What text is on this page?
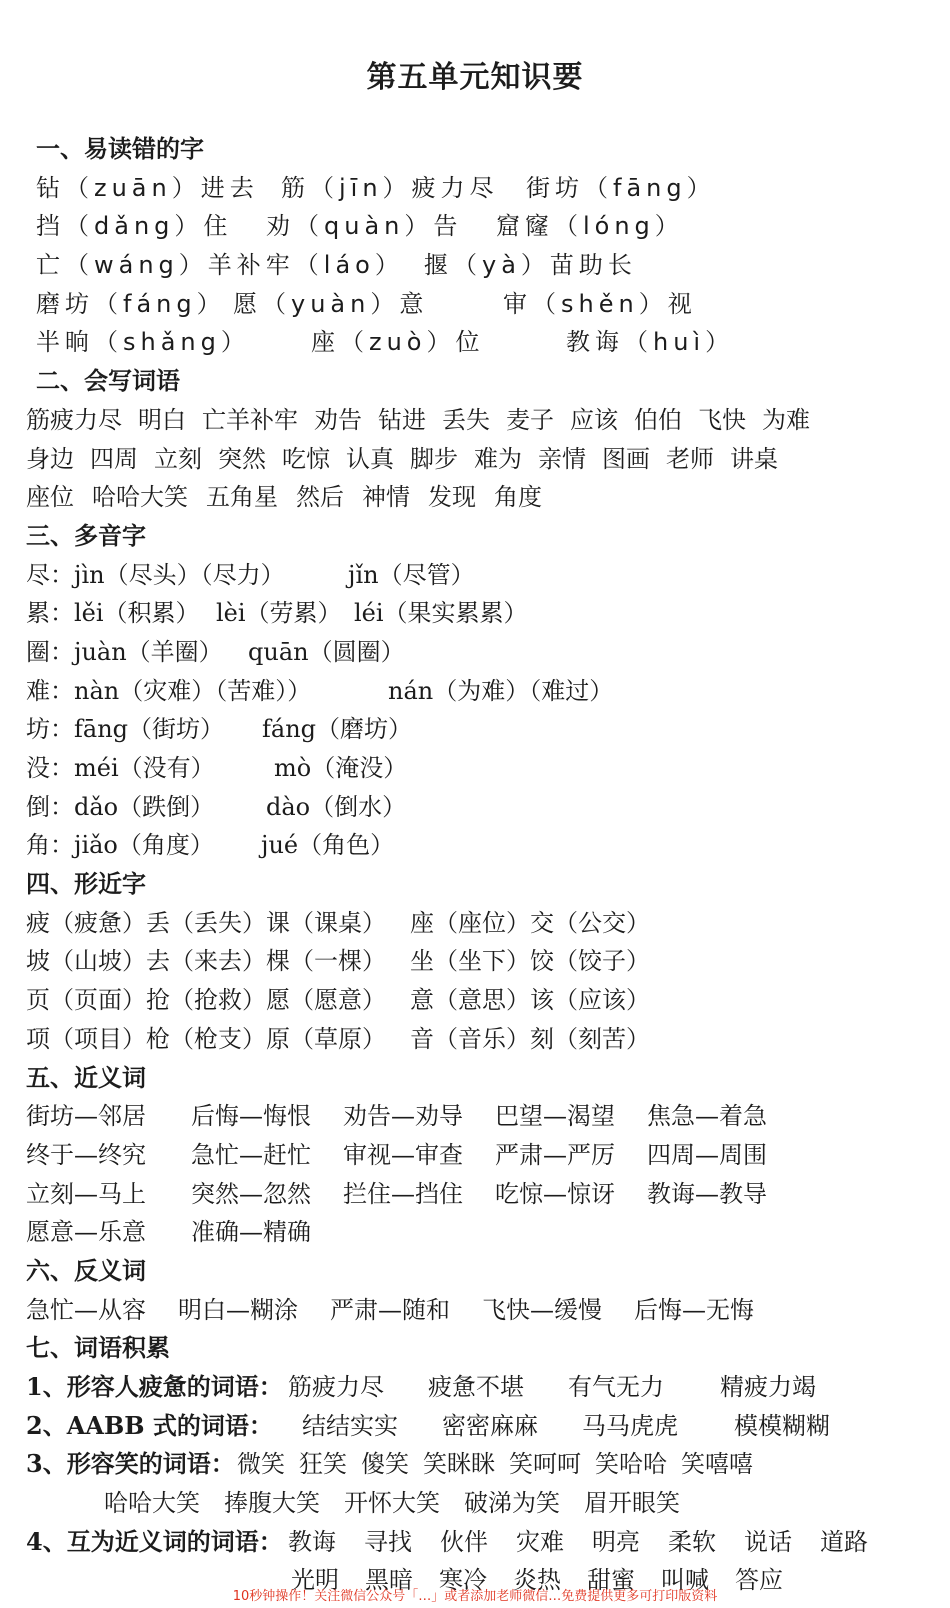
第五单元知识要
一、易读错的字
钻（zuān）进去 筋（jīn）疲力尽 街坊（fāng）
挡（dǎng）住 劝（quàn）告 窟窿（lóng）
亡（wáng）羊补牢（láo） 揠（yà）苗助长
磨坊（fáng） 愿（yuàn）意	审（shěn）视
半晌（shǎng）	座（zuò）位	教诲（huì）
二、会写词语
筋疲力尽 明白 亡羊补牢 劝告 钻进 丢失 麦子 应该 伯伯 飞快 为难
身边 四周 立刻 突然 吃惊 认真 脚步 难为 亲情 图画 老师 讲桌
座位 哈哈大笑 五角星 然后 神情 发现 角度
三、多音字
尽：jìn（尽头）（尽力）	jǐn（尽管）
累：lěi（积累） lèi（劳累） léi（果实累累）
圈：juàn（羊圈） quān（圆圈）
难：nàn（灾难）（苦难））	nán（为难）（难过）
坊：fāng（街坊） fáng（磨坊）
没：méi（没有） mò（淹没）
倒：dǎo（跌倒） dào（倒水）
角：jiǎo（角度） jué（角色）
四、形近字
疲（疲惫）丢（丢失）课（课桌） 座（座位）交（公交）
坡（山坡）去（来去）棵（一棵） 坐（坐下）饺（饺子）
页（页面）抢（抢救）愿（愿意） 意（意思）该（应该）
项（项目）枪（枪支）原（草原） 音（音乐）刻（刻苦）
五、近义词
街坊—邻居 后悔—悔恨 劝告—劝导 巴望—渴望 焦急—着急
终于—终究 急忙—赶忙 审视—审查 严肃—严厉 四周—周围
立刻—马上 突然—忽然 拦住—挡住 吃惊—惊讶 教诲—教导
愿意—乐意 准确—精确
六、反义词
急忙—从容 明白—糊涂 严肃—随和 飞快—缓慢 后悔—无悔
七、词语积累
1、形容人疲惫的词语： 筋疲力尽 疲惫不堪 有气无力 精疲力竭
2、AABB 式的词语： 结结实实 密密麻麻 马马虎虎 模模糊糊
3、形容笑的词语：微笑 狂笑 傻笑 笑眯眯 笑呵呵 笑哈哈 笑嘻嘻
哈哈大笑 捧腹大笑 开怀大笑 破涕为笑 眉开眼笑
4、互为近义词的词语： 教诲 寻找 伙伴 灾难 明亮 柔软 说话 道路
光明 黑暗 寒冷 炎热 甜蜜 叫喊 答应
10秒钟操作！关注微信公众号「…」或者添加老师微信…免费提供更多可打印版资料
